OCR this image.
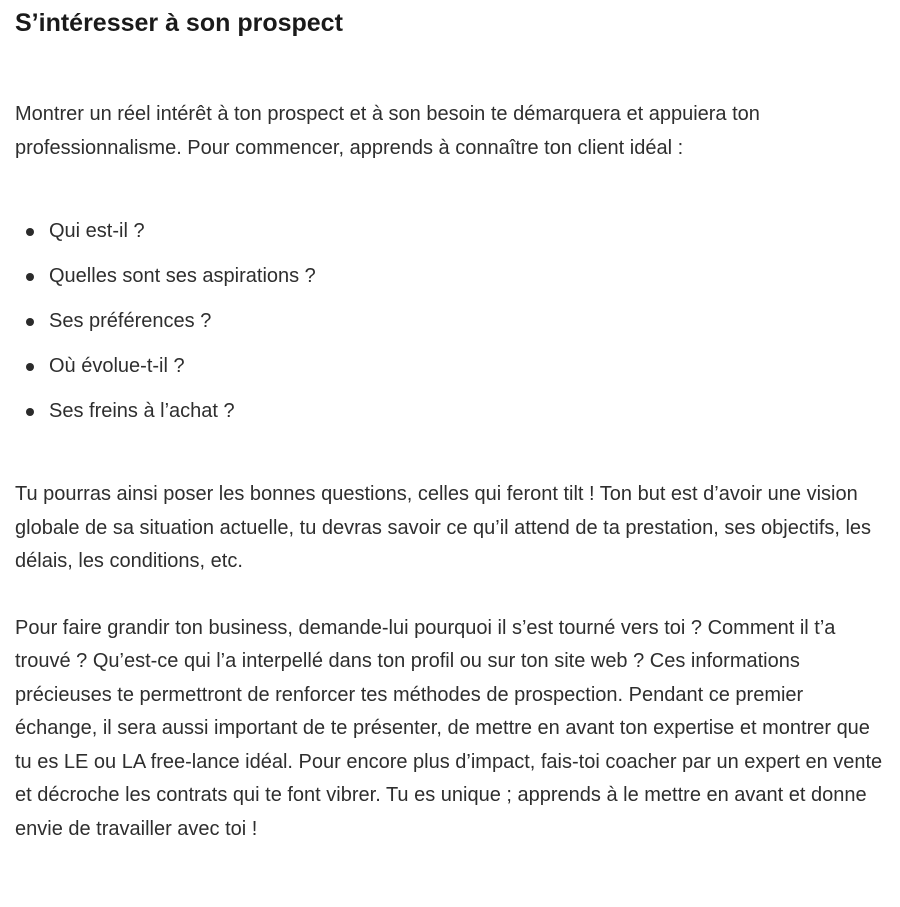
S’intéresser à son prospect

Montrer un réel intérêt à ton prospect et à son besoin te démarquera et appuiera ton professionnalisme. Pour commencer, apprends à connaître ton client idéal :

Qui est-il ?
Quelles sont ses aspirations ?
Ses préférences ?
Où évolue-t-il ?
Ses freins à l’achat ?

Tu pourras ainsi poser les bonnes questions, celles qui feront tilt ! Ton but est d’avoir une vision globale de sa situation actuelle, tu devras savoir ce qu’il attend de ta prestation, ses objectifs, les délais, les conditions, etc.

Pour faire grandir ton business, demande-lui pourquoi il s’est tourné vers toi ? Comment il t’a trouvé ? Qu’est-ce qui l’a interpellé dans ton profil ou sur ton site web ? Ces informations précieuses te permettront de renforcer tes méthodes de prospection. Pendant ce premier échange, il sera aussi important de te présenter, de mettre en avant ton expertise et montrer que tu es LE ou LA free-lance idéal. Pour encore plus d’impact, fais-toi coacher par un expert en vente et décroche les contrats qui te font vibrer. Tu es unique ; apprends à le mettre en avant et donne envie de travailler avec toi !
